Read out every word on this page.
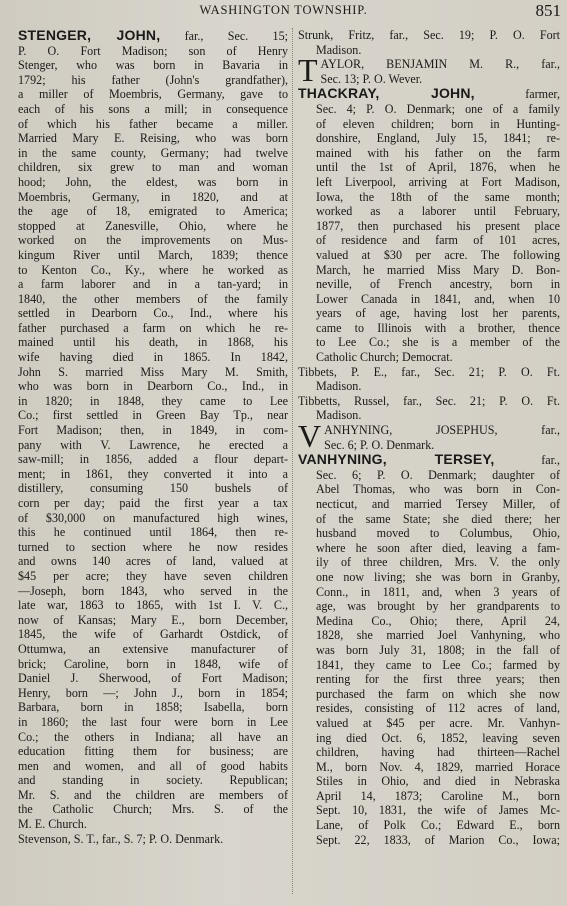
WASHINGTON TOWNSHIP.	851
STENGER, JOHN, far., Sec. 15;
P. O. Fort Madison; son of Henry
Stenger, who was born in Bavaria in
1792; his father (John's grandfather),
a miller of Moembris, Germany, gave to
each of his sons a mill; in consequence
of which his father became a miller.
Married Mary E. Reising, who was born
in the same county, Germany; had twelve
children, six grew to man and woman
hood; John, the eldest, was born in
Moembris, Germany, in 1820, and at
the age of 18, emigrated to America;
stopped at Zanesville, Ohio, where he
worked on the improvements on Mus-
kingum River until March, 1839; thence
to Kenton Co., Ky., where he worked as
a farm laborer and in a tan-yard; in
1840, the other members of the family
settled in Dearborn Co., Ind., where his
father purchased a farm on which he re-
mained until his death, in 1868, his
wife having died in 1865. In 1842,
John S. married Miss Mary M. Smith,
who was born in Dearborn Co., Ind., in
in 1820; in 1848, they came to Lee
Co.; first settled in Green Bay Tp., near
Fort Madison; then, in 1849, in com-
pany with V. Lawrence, he erected a
saw-mill; in 1856, added a flour depart-
ment; in 1861, they converted it into a
distillery, consuming 150 bushels of
corn per day; paid the first year a tax
of $30,000 on manufactured high wines,
this he continued until 1864, then re-
turned to section where he now resides
and owns 140 acres of land, valued at
$45 per acre; they have seven children
—Joseph, born 1843, who served in the
late war, 1863 to 1865, with 1st I. V. C.,
now of Kansas; Mary E., born December,
1845, the wife of Garhardt Ostdick, of
Ottumwa, an extensive manufacturer of
brick; Caroline, born in 1848, wife of
Daniel J. Sherwood, of Fort Madison;
Henry, born —; John J., born in 1854;
Barbara, born in 1858; Isabella, born
in 1860; the last four were born in Lee
Co.; the others in Indiana; all have an
education fitting them for business; are
men and women, and all of good habits
and standing in society. Republican;
Mr. S. and the children are members of
the Catholic Church; Mrs. S. of the
M. E. Church.
Stevenson, S. T., far., S. 7; P. O. Denmark.
Strunk, Fritz, far., Sec. 19; P. O. Fort
Madison.
TAYLOR, BENJAMIN M. R., far.,
Sec. 13; P. O. Wever.
THACKRAY, JOHN, farmer,
Sec. 4; P. O. Denmark; one of a family
of eleven children; born in Hunting-
donshire, England, July 15, 1841; re-
mained with his father on the farm
until the 1st of April, 1876, when he
left Liverpool, arriving at Fort Madison,
Iowa, the 18th of the same month;
worked as a laborer until February,
1877, then purchased his present place
of residence and farm of 101 acres,
valued at $30 per acre. The following
March, he married Miss Mary D. Bon-
neville, of French ancestry, born in
Lower Canada in 1841, and, when 10
years of age, having lost her parents,
came to Illinois with a brother, thence
to Lee Co.; she is a member of the
Catholic Church; Democrat.
Tibbets, P. E., far., Sec. 21; P. O. Ft.
Madison.
Tibbetts, Russel, far., Sec. 21; P. O. Ft.
Madison.
VANHYNING, JOSEPHUS, far.,
Sec. 6; P. O. Denmark.
VANHYNING, TERSEY, far.,
Sec. 6; P. O. Denmark; daughter of
Abel Thomas, who was born in Con-
necticut, and married Tersey Miller, of
of the same State; she died there; her
husband moved to Columbus, Ohio,
where he soon after died, leaving a fam-
ily of three children, Mrs. V. the only
one now living; she was born in Granby,
Conn., in 1811, and, when 3 years of
age, was brought by her grandparents to
Medina Co., Ohio; there, April 24,
1828, she married Joel Vanhyning, who
was born July 31, 1808; in the fall of
1841, they came to Lee Co.; farmed by
renting for the first three years; then
purchased the farm on which she now
resides, consisting of 112 acres of land,
valued at $45 per acre. Mr. Vanhyn-
ing died Oct. 6, 1852, leaving seven
children, having had thirteen—Rachel
M., born Nov. 4, 1829, married Horace
Stiles in Ohio, and died in Nebraska
April 14, 1873; Caroline M., born
Sept. 10, 1831, the wife of James Mc-
Lane, of Polk Co.; Edward E., born
Sept. 22, 1833, of Marion Co., Iowa;
